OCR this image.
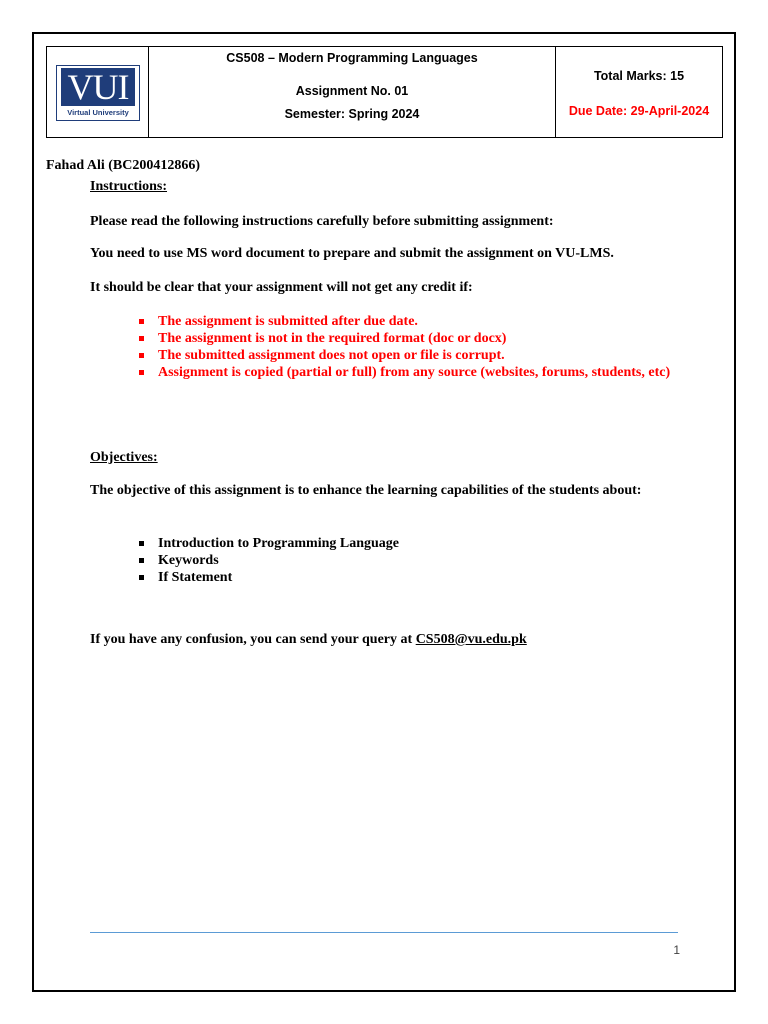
VUI
Virtual University
CS508 – Modern Programming Languages
Assignment No. 01
Semester: Spring 2024
Total Marks: 15
Due Date: 29-April-2024
Fahad Ali (BC200412866)
Instructions:
Please read the following instructions carefully before submitting assignment:
You need to use MS word document to prepare and submit the assignment on VU-LMS.
It should be clear that your assignment will not get any credit if:
The assignment is submitted after due date.
The assignment is not in the required format (doc or docx)
The submitted assignment does not open or file is corrupt.
Assignment is copied (partial or full) from any source (websites, forums, students, etc)
Objectives:
The objective of this assignment is to enhance the learning capabilities of the students about:
Introduction to Programming Language
Keywords
If Statement
If you have any confusion, you can send your query at CS508@vu.edu.pk
1
